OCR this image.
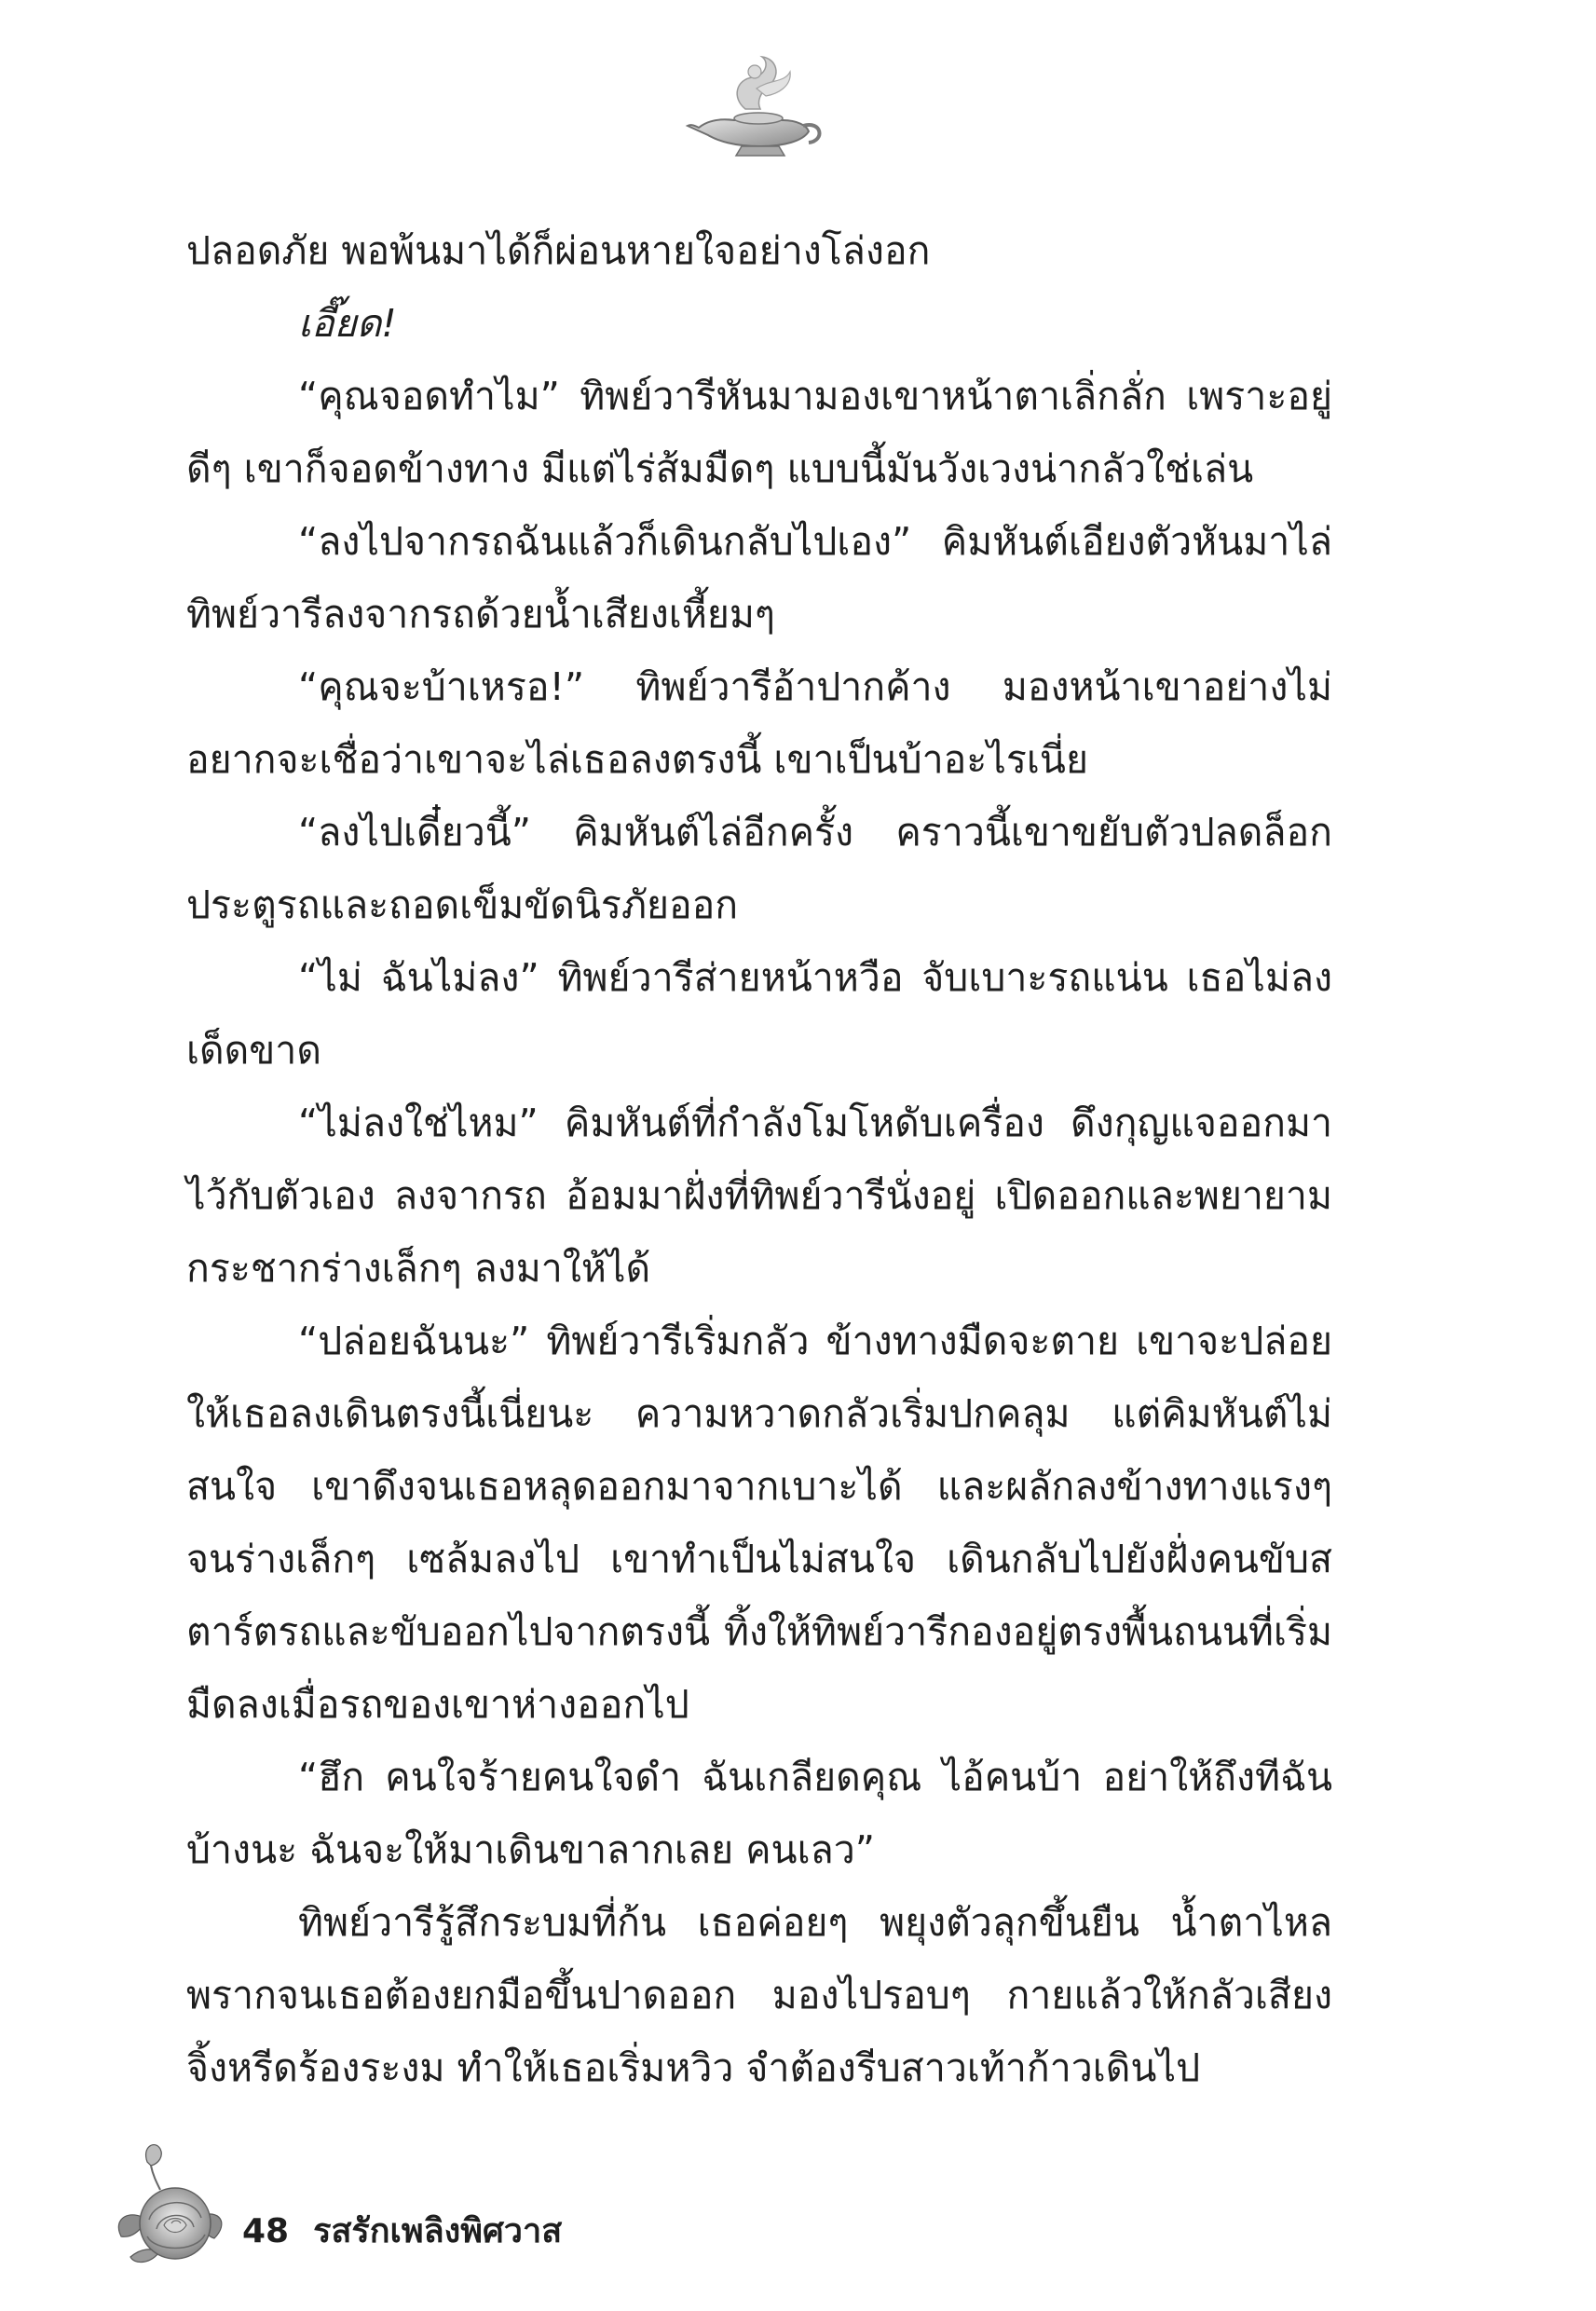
ปลอดภัย พอพ้นมาได้ก็ผ่อนหายใจอย่างโล่งอก

เอี๊ยด!

“คุณจอดทำไม” ทิพย์วารีหันมามองเขาหน้าตาเลิ่กลั่ก เพราะอยู่ดีๆ เขาก็จอดข้างทาง มีแต่ไร่ส้มมืดๆ แบบนี้มันวังเวงน่ากลัวใช่เล่น

“ลงไปจากรถฉันแล้วก็เดินกลับไปเอง” คิมหันต์เอียงตัวหันมาไล่ทิพย์วารีลงจากรถด้วยน้ำเสียงเหี้ยมๆ

“คุณจะบ้าเหรอ!” ทิพย์วารีอ้าปากค้าง มองหน้าเขาอย่างไม่อยากจะเชื่อว่าเขาจะไล่เธอลงตรงนี้ เขาเป็นบ้าอะไรเนี่ย

“ลงไปเดี๋ยวนี้” คิมหันต์ไล่อีกครั้ง คราวนี้เขาขยับตัวปลดล็อกประตูรถและถอดเข็มขัดนิรภัยออก

“ไม่ ฉันไม่ลง” ทิพย์วารีส่ายหน้าหวือ จับเบาะรถแน่น เธอไม่ลงเด็ดขาด

“ไม่ลงใช่ไหม” คิมหันต์ที่กำลังโมโหดับเครื่อง ดึงกุญแจออกมาไว้กับตัวเอง ลงจากรถ อ้อมมาฝั่งที่ทิพย์วารีนั่งอยู่ เปิดออกและพยายามกระชากร่างเล็กๆ ลงมาให้ได้

“ปล่อยฉันนะ” ทิพย์วารีเริ่มกลัว ข้างทางมืดจะตาย เขาจะปล่อยให้เธอลงเดินตรงนี้เนี่ยนะ ความหวาดกลัวเริ่มปกคลุม แต่คิมหันต์ไม่สนใจ เขาดึงจนเธอหลุดออกมาจากเบาะได้ และผลักลงข้างทางแรงๆ จนร่างเล็กๆ เซล้มลงไป เขาทำเป็นไม่สนใจ เดินกลับไปยังฝั่งคนขับสตาร์ตรถและขับออกไปจากตรงนี้ ทิ้งให้ทิพย์วารีกองอยู่ตรงพื้นถนนที่เริ่มมืดลงเมื่อรถของเขาห่างออกไป

“ฮึก คนใจร้ายคนใจดำ ฉันเกลียดคุณ ไอ้คนบ้า อย่าให้ถึงทีฉันบ้างนะ ฉันจะให้มาเดินขาลากเลย คนเลว”

ทิพย์วารีรู้สึกระบมที่ก้น เธอค่อยๆ พยุงตัวลุกขึ้นยืน น้ำตาไหลพรากจนเธอต้องยกมือขึ้นปาดออก มองไปรอบๆ กายแล้วให้กลัวเสียงจิ้งหรีดร้องระงม ทำให้เธอเริ่มหวิว จำต้องรีบสาวเท้าก้าวเดินไป

48 รสรักเพลิงพิศวาส
